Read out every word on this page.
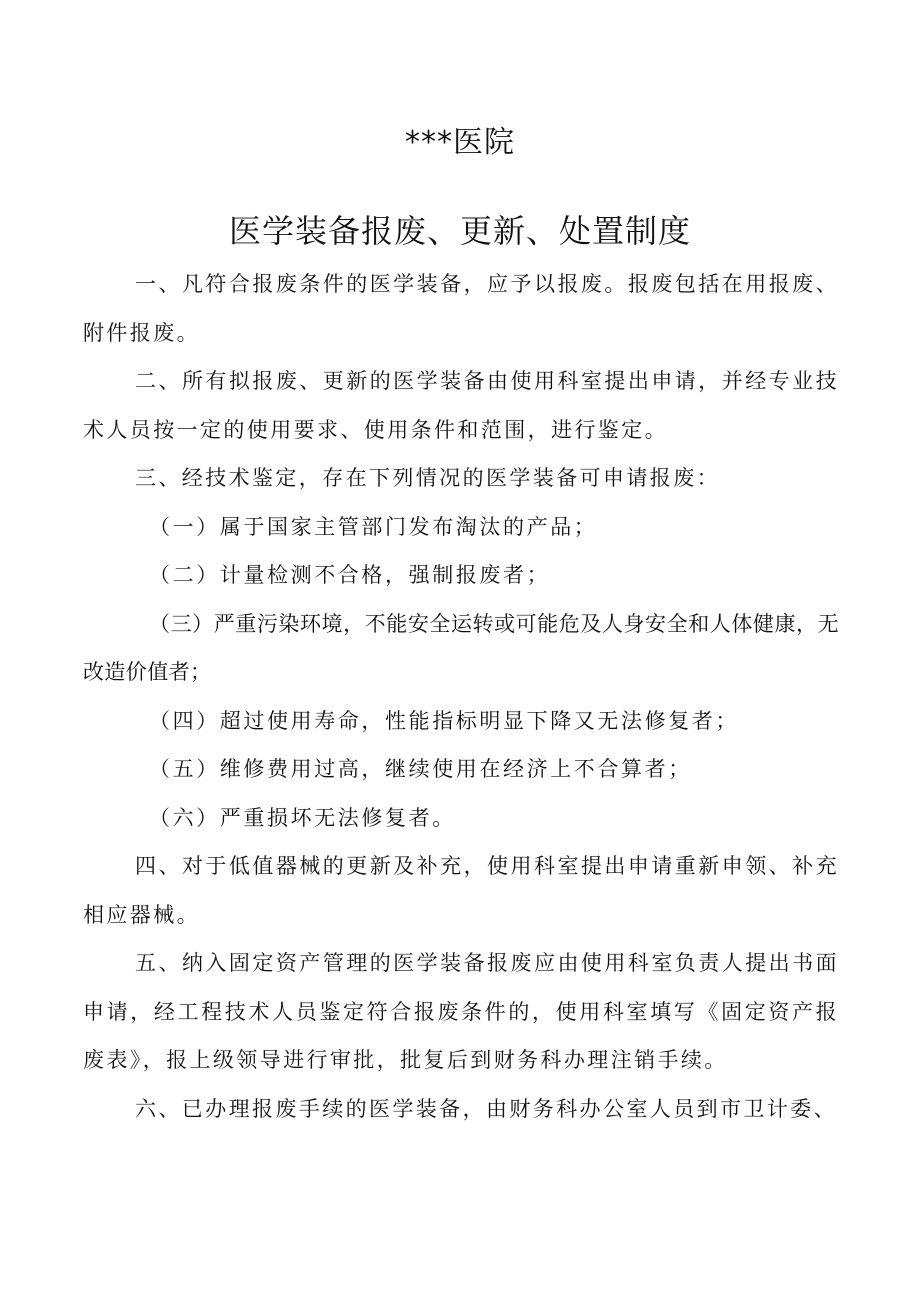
***医院
医学装备报废、更新、处置制度

一、凡符合报废条件的医学装备，应予以报废。报废包括在用报废、附件报废。

二、所有拟报废、更新的医学装备由使用科室提出申请，并经专业技术人员按一定的使用要求、使用条件和范围，进行鉴定。

三、经技术鉴定，存在下列情况的医学装备可申请报废：

（一）属于国家主管部门发布淘汰的产品；

（二）计量检测不合格，强制报废者；

（三）严重污染环境，不能安全运转或可能危及人身安全和人体健康，无改造价值者；

（四）超过使用寿命，性能指标明显下降又无法修复者；

（五）维修费用过高，继续使用在经济上不合算者；

（六）严重损坏无法修复者。

四、对于低值器械的更新及补充，使用科室提出申请重新申领、补充相应器械。

五、纳入固定资产管理的医学装备报废应由使用科室负责人提出书面申请，经工程技术人员鉴定符合报废条件的，使用科室填写《固定资产报废表》，报上级领导进行审批，批复后到财务科办理注销手续。

六、已办理报废手续的医学装备，由财务科办公室人员到市卫计委、
